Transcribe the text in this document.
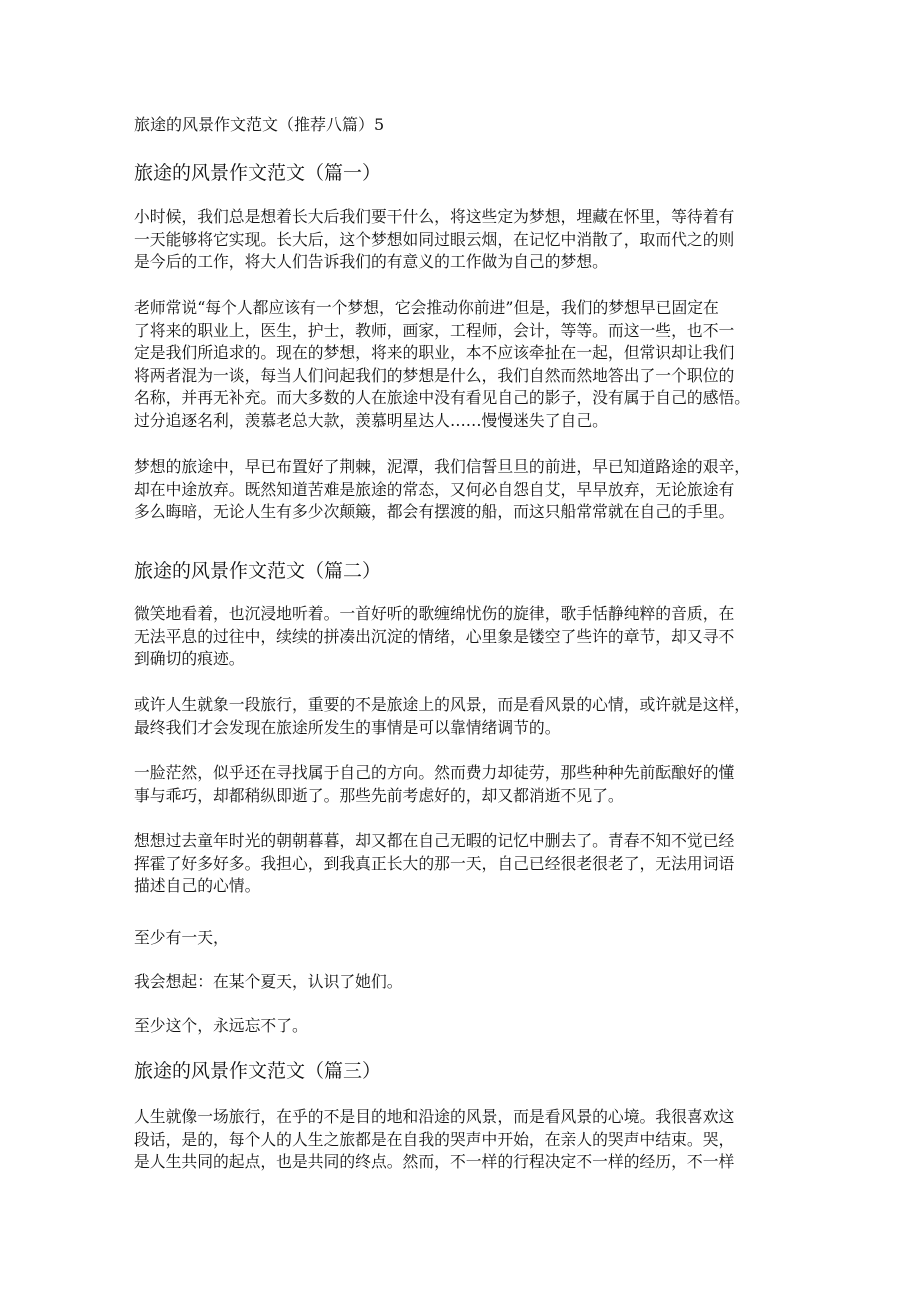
旅途的风景作文范文（推荐八篇）5
旅途的风景作文范文（篇一）

小时候，我们总是想着长大后我们要干什么，将这些定为梦想，埋藏在怀里，等待着有
一天能够将它实现。长大后，这个梦想如同过眼云烟，在记忆中消散了，取而代之的则
是今后的工作，将大人们告诉我们的有意义的工作做为自己的梦想。

老师常说“每个人都应该有一个梦想，它会推动你前进”但是，我们的梦想早已固定在
了将来的职业上，医生，护士，教师，画家，工程师，会计，等等。而这一些，也不一
定是我们所追求的。现在的梦想，将来的职业，本不应该牵扯在一起，但常识却让我们
将两者混为一谈，每当人们问起我们的梦想是什么，我们自然而然地答出了一个职位的
名称，并再无补充。而大多数的人在旅途中没有看见自己的影子，没有属于自己的感悟。
过分追逐名利，羡慕老总大款，羡慕明星达人……慢慢迷失了自己。

梦想的旅途中，早已布置好了荆棘，泥潭，我们信誓旦旦的前进，早已知道路途的艰辛，
却在中途放弃。既然知道苦难是旅途的常态，又何必自怨自艾，早早放弃，无论旅途有
多么晦暗，无论人生有多少次颠簸，都会有摆渡的船，而这只船常常就在自己的手里。

旅途的风景作文范文（篇二）

微笑地看着，也沉浸地听着。一首好听的歌缠绵忧伤的旋律，歌手恬静纯粹的音质，在
无法平息的过往中，续续的拼凑出沉淀的情绪，心里象是镂空了些许的章节，却又寻不
到确切的痕迹。

或许人生就象一段旅行，重要的不是旅途上的风景，而是看风景的心情，或许就是这样，
最终我们才会发现在旅途所发生的事情是可以靠情绪调节的。

一脸茫然，似乎还在寻找属于自己的方向。然而费力却徒劳，那些种种先前酝酿好的懂
事与乖巧，却都稍纵即逝了。那些先前考虑好的，却又都消逝不见了。

想想过去童年时光的朝朝暮暮，却又都在自己无暇的记忆中删去了。青春不知不觉已经
挥霍了好多好多。我担心，到我真正长大的那一天，自己已经很老很老了，无法用词语
描述自己的心情。

至少有一天，

我会想起：在某个夏天，认识了她们。

至少这个，永远忘不了。

旅途的风景作文范文（篇三）

人生就像一场旅行，在乎的不是目的地和沿途的风景，而是看风景的心境。我很喜欢这
段话，是的，每个人的人生之旅都是在自我的哭声中开始，在亲人的哭声中结束。哭，
是人生共同的起点，也是共同的终点。然而，不一样的行程决定不一样的经历，不一样
